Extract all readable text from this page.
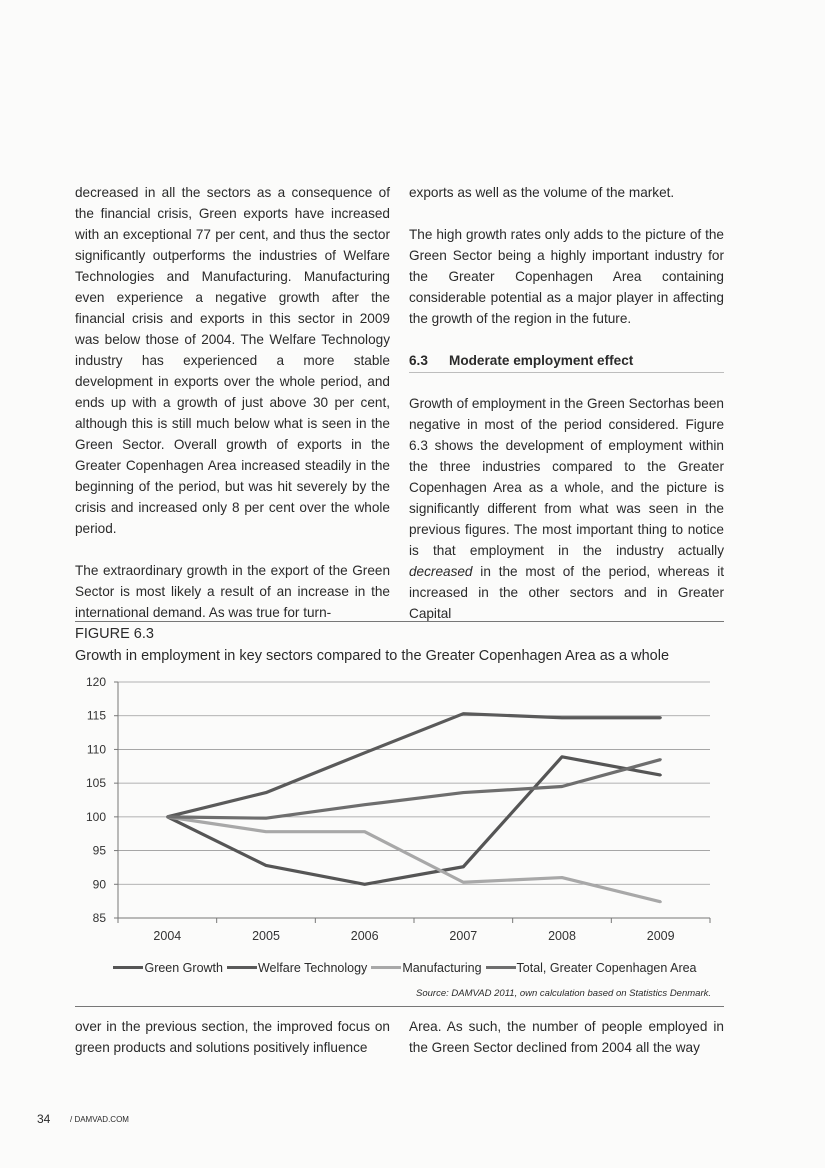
decreased in all the sectors as a consequence of the financial crisis, Green exports have increased with an exceptional 77 per cent, and thus the sector significantly outperforms the industries of Welfare Technologies and Manufacturing. Manufacturing even experience a negative growth after the financial crisis and exports in this sector in 2009 was below those of 2004. The Welfare Technology industry has experienced a more stable development in exports over the whole period, and ends up with a growth of just above 30 per cent, although this is still much below what is seen in the Green Sector. Overall growth of exports in the Greater Copenhagen Area increased steadily in the beginning of the period, but was hit severely by the crisis and increased only 8 per cent over the whole period.

The extraordinary growth in the export of the Green Sector is most likely a result of an increase in the international demand. As was true for turn-

exports as well as the volume of the market.

The high growth rates only adds to the picture of the Green Sector being a highly important industry for the Greater Copenhagen Area containing considerable potential as a major player in affecting the growth of the region in the future.

6.3 Moderate employment effect

Growth of employment in the Green Sectorhas been negative in most of the period considered. Figure 6.3 shows the development of employment within the three industries compared to the Greater Copenhagen Area as a whole, and the picture is significantly different from what was seen in the previous figures. The most important thing to notice is that employment in the industry actually decreased in the most of the period, whereas it increased in the other sectors and in Greater Capital

FIGURE 6.3
Growth in employment in key sectors compared to the Greater Copenhagen Area as a whole
85
90
95
100
105
110
115
120
2004	2005	2006	2007	2008	2009
Green Growth	Welfare Technology	Manufacturing	Total, Greater Copenhagen Area
Source: DAMVAD 2011, own calculation based on Statistics Denmark.

over in the previous section, the improved focus on green products and solutions positively influence

Area. As such, the number of people employed in the Green Sector declined from 2004 all the way

34 / DAMVAD.COM
